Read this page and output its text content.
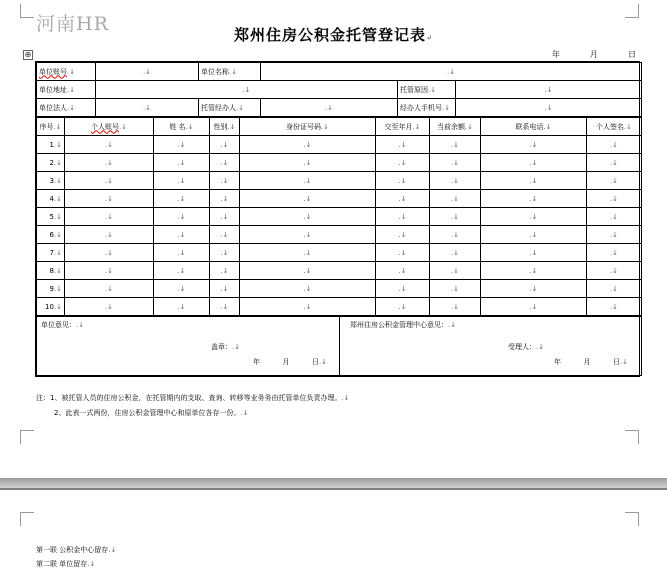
河南HR	郑州住房公积金托管登记表↵
⊕	年	月	日
单位账号.↓	.↓	单位名称.↓	.↓		
单位地址.↓	.↓			托管原因.↓	.↓
单位法人.↓	.↓	托管经办人.↓	.↓	经办人手机号.↓	.↓
序号.↓	个人账号.↓	姓 名.↓	性别.↓	身份证号码.↓	交至年月.↓	当前余额.↓	联系电话.↓	个人签名.↓
1.↓	.↓	.↓	.↓	.↓	.↓	.↓	.↓	.↓
2.↓	.↓	.↓	.↓	.↓	.↓	.↓	.↓	.↓
3.↓	.↓	.↓	.↓	.↓	.↓	.↓	.↓	.↓
4.↓	.↓	.↓	.↓	.↓	.↓	.↓	.↓	.↓
5.↓	.↓	.↓	.↓	.↓	.↓	.↓	.↓	.↓
6.↓	.↓	.↓	.↓	.↓	.↓	.↓	.↓	.↓
7.↓	.↓	.↓	.↓	.↓	.↓	.↓	.↓	.↓
8.↓	.↓	.↓	.↓	.↓	.↓	.↓	.↓	.↓
9.↓	.↓	.↓	.↓	.↓	.↓	.↓	.↓	.↓
10.↓	.↓	.↓	.↓	.↓	.↓	.↓	.↓	.↓
单位意见：.↓
盖章：.↓
年	月	日.↓

郑州住房公积金管理中心意见：.↓
受理人：.↓
年	月	日.↓
注：1、被托管人员的住房公积金，在托管期内的支取、查询、转移等业务务由托管单位负责办理。.↓
2、此表一式两份，住房公积金管理中心和原单位各存一份。.↓
第一联 公积金中心留存.↓
第二联 单位留存.↓
